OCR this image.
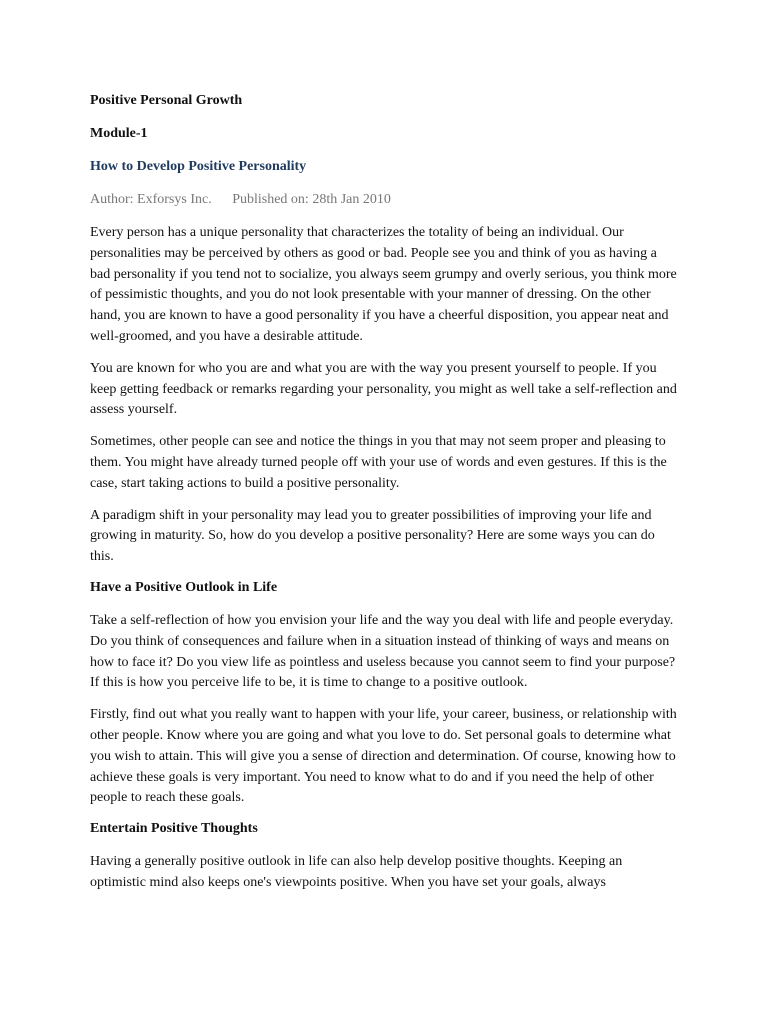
Positive Personal Growth
Module-1
How to Develop Positive Personality
Author: Exforsys Inc. Published on: 28th Jan 2010

Every person has a unique personality that characterizes the totality of being an individual. Our personalities may be perceived by others as good or bad. People see you and think of you as having a bad personality if you tend not to socialize, you always seem grumpy and overly serious, you think more of pessimistic thoughts, and you do not look presentable with your manner of dressing. On the other hand, you are known to have a good personality if you have a cheerful disposition, you appear neat and well-groomed, and you have a desirable attitude.

You are known for who you are and what you are with the way you present yourself to people. If you keep getting feedback or remarks regarding your personality, you might as well take a self-reflection and assess yourself.

Sometimes, other people can see and notice the things in you that may not seem proper and pleasing to them. You might have already turned people off with your use of words and even gestures. If this is the case, start taking actions to build a positive personality.

A paradigm shift in your personality may lead you to greater possibilities of improving your life and growing in maturity. So, how do you develop a positive personality? Here are some ways you can do this.

Have a Positive Outlook in Life

Take a self-reflection of how you envision your life and the way you deal with life and people everyday. Do you think of consequences and failure when in a situation instead of thinking of ways and means on how to face it? Do you view life as pointless and useless because you cannot seem to find your purpose? If this is how you perceive life to be, it is time to change to a positive outlook.

Firstly, find out what you really want to happen with your life, your career, business, or relationship with other people. Know where you are going and what you love to do. Set personal goals to determine what you wish to attain. This will give you a sense of direction and determination. Of course, knowing how to achieve these goals is very important. You need to know what to do and if you need the help of other people to reach these goals.

Entertain Positive Thoughts

Having a generally positive outlook in life can also help develop positive thoughts. Keeping an optimistic mind also keeps one's viewpoints positive. When you have set your goals, always
